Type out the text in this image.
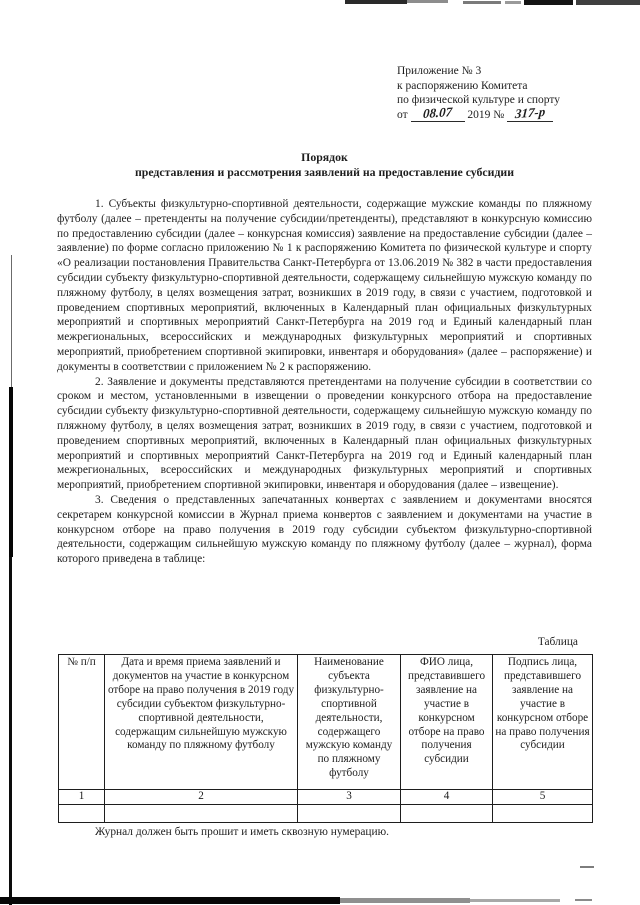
Приложение № 3
к распоряжению Комитета
по физической культуре и спорту
от 08.07 2019 № 317-р
Порядок
представления и рассмотрения заявлений на предоставление субсидии

1. Субъекты физкультурно-спортивной деятельности, содержащие мужские команды по пляжному футболу (далее – претенденты на получение субсидии/претенденты), представляют в конкурсную комиссию по предоставлению субсидии (далее – конкурсная комиссия) заявление на предоставление субсидии (далее – заявление) по форме согласно приложению № 1 к распоряжению Комитета по физической культуре и спорту «О реализации постановления Правительства Санкт-Петербурга от 13.06.2019 № 382 в части предоставления субсидии субъекту физкультурно-спортивной деятельности, содержащему сильнейшую мужскую команду по пляжному футболу, в целях возмещения затрат, возникших в 2019 году, в связи с участием, подготовкой и проведением спортивных мероприятий, включенных в Календарный план официальных физкультурных мероприятий и спортивных мероприятий Санкт-Петербурга на 2019 год и Единый календарный план межрегиональных, всероссийских и международных физкультурных мероприятий и спортивных мероприятий, приобретением спортивной экипировки, инвентаря и оборудования» (далее – распоряжение) и документы в соответствии с приложением № 2 к распоряжению.

2. Заявление и документы представляются претендентами на получение субсидии в соответствии со сроком и местом, установленными в извещении о проведении конкурсного отбора на предоставление субсидии субъекту физкультурно-спортивной деятельности, содержащему сильнейшую мужскую команду по пляжному футболу, в целях возмещения затрат, возникших в 2019 году, в связи с участием, подготовкой и проведением спортивных мероприятий, включенных в Календарный план официальных физкультурных мероприятий и спортивных мероприятий Санкт-Петербурга на 2019 год и Единый календарный план межрегиональных, всероссийских и международных физкультурных мероприятий и спортивных мероприятий, приобретением спортивной экипировки, инвентаря и оборудования (далее – извещение).

3. Сведения о представленных запечатанных конвертах с заявлением и документами вносятся секретарем конкурсной комиссии в Журнал приема конвертов с заявлением и документами на участие в конкурсном отборе на право получения в 2019 году субсидии субъектом физкультурно-спортивной деятельности, содержащим сильнейшую мужскую команду по пляжному футболу (далее – журнал), форма которого приведена в таблице:

Таблица
№ п/п	Дата и время приема заявлений и документов на участие в конкурсном отборе на право получения в 2019 году субсидии субъектом физкультурно-спортивной деятельности, содержащим сильнейшую мужскую команду по пляжному футболу	Наименование субъекта физкультурно-спортивной деятельности, содержащего мужскую команду по пляжному футболу	ФИО лица, представившего заявление на участие в конкурсном отборе на право получения субсидии	Подпись лица, представившего заявление на участие в конкурсном отборе на право получения субсидии
1	2	3	4	5

Журнал должен быть прошит и иметь сквозную нумерацию.
